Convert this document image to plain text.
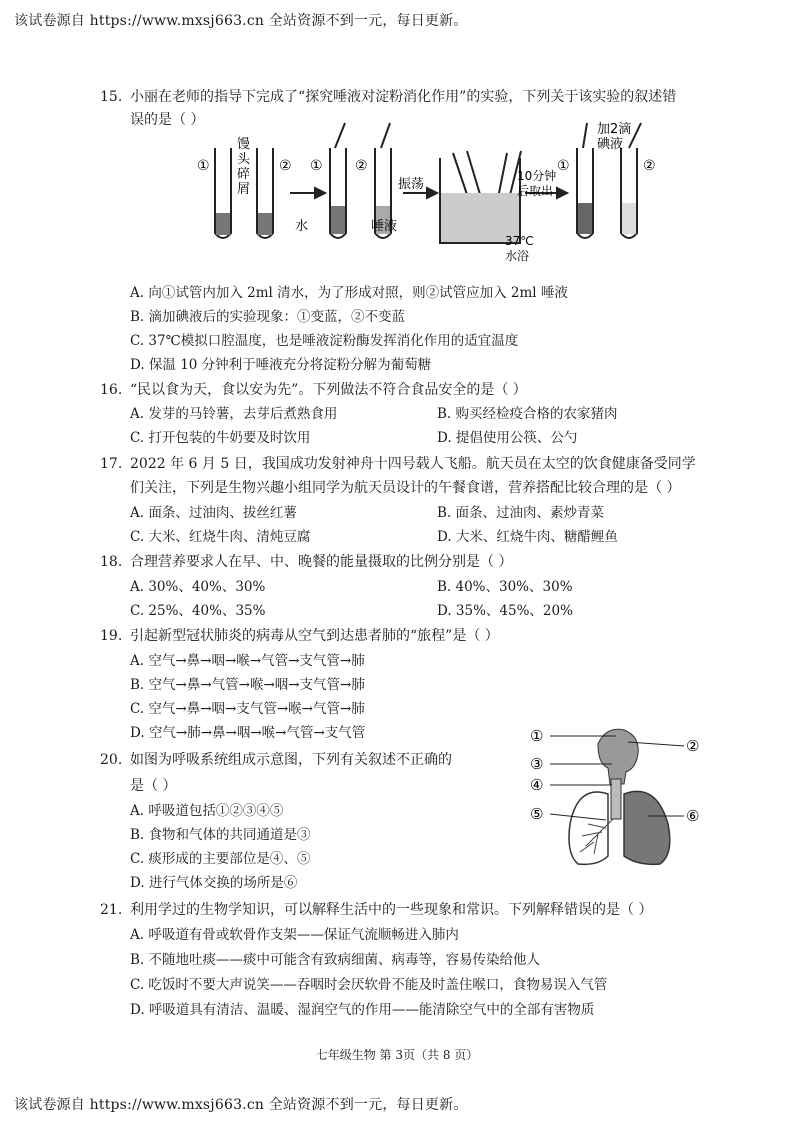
该试卷源自 https://www.mxsj663.cn 全站资源不到一元，每日更新。
15. 小丽在老师的指导下完成了“探究唾液对淀粉消化作用”的实验，下列关于该实验的叙述错
误的是（ ）
①	②
馒
头
碎
屑
① ②
水	唾液
振荡
10分钟
后取出
37℃
水浴
加2滴
碘液
①	②
A. 向①试管内加入 2ml 清水，为了形成对照，则②试管应加入 2ml 唾液
B. 滴加碘液后的实验现象：①变蓝，②不变蓝
C. 37℃模拟口腔温度，也是唾液淀粉酶发挥消化作用的适宜温度
D. 保温 10 分钟利于唾液充分将淀粉分解为葡萄糖
16. “民以食为天，食以安为先”。下列做法不符合食品安全的是（ ）
A. 发芽的马铃薯，去芽后煮熟食用	B. 购买经检疫合格的农家猪肉
C. 打开包装的牛奶要及时饮用	D. 提倡使用公筷、公勺
17. 2022 年 6 月 5 日，我国成功发射神舟十四号载人飞船。航天员在太空的饮食健康备受同学
们关注，下列是生物兴趣小组同学为航天员设计的午餐食谱，营养搭配比较合理的是（ ）
A. 面条、过油肉、拔丝红薯	B. 面条、过油肉、素炒青菜
C. 大米、红烧牛肉、清炖豆腐	D. 大米、红烧牛肉、糖醋鲤鱼
18. 合理营养要求人在早、中、晚餐的能量摄取的比例分别是（ ）
A. 30%、40%、30%	B. 40%、30%、30%
C. 25%、40%、35%	D. 35%、45%、20%
19. 引起新型冠状肺炎的病毒从空气到达患者肺的“旅程”是（ ）
A. 空气→鼻→咽→喉→气管→支气管→肺
B. 空气→鼻→气管→喉→咽→支气管→肺
C. 空气→鼻→咽→支气管→喉→气管→肺
D. 空气→肺→鼻→咽→喉→气管→支气管
20. 如图为呼吸系统组成示意图，下列有关叙述不正确的
是（ ）
A. 呼吸道包括①②③④⑤
B. 食物和气体的共同通道是③
C. 痰形成的主要部位是④、⑤
D. 进行气体交换的场所是⑥
①
②
③
④
⑤	⑥
21. 利用学过的生物学知识，可以解释生活中的一些现象和常识。下列解释错误的是（ ）
A. 呼吸道有骨或软骨作支架——保证气流顺畅进入肺内
B. 不随地吐痰——痰中可能含有致病细菌、病毒等，容易传染给他人
C. 吃饭时不要大声说笑——吞咽时会厌软骨不能及时盖住喉口，食物易误入气管
D. 呼吸道具有清洁、温暖、湿润空气的作用——能清除空气中的全部有害物质
七年级生物 第 3页（共 8 页）
该试卷源自 https://www.mxsj663.cn 全站资源不到一元，每日更新。
